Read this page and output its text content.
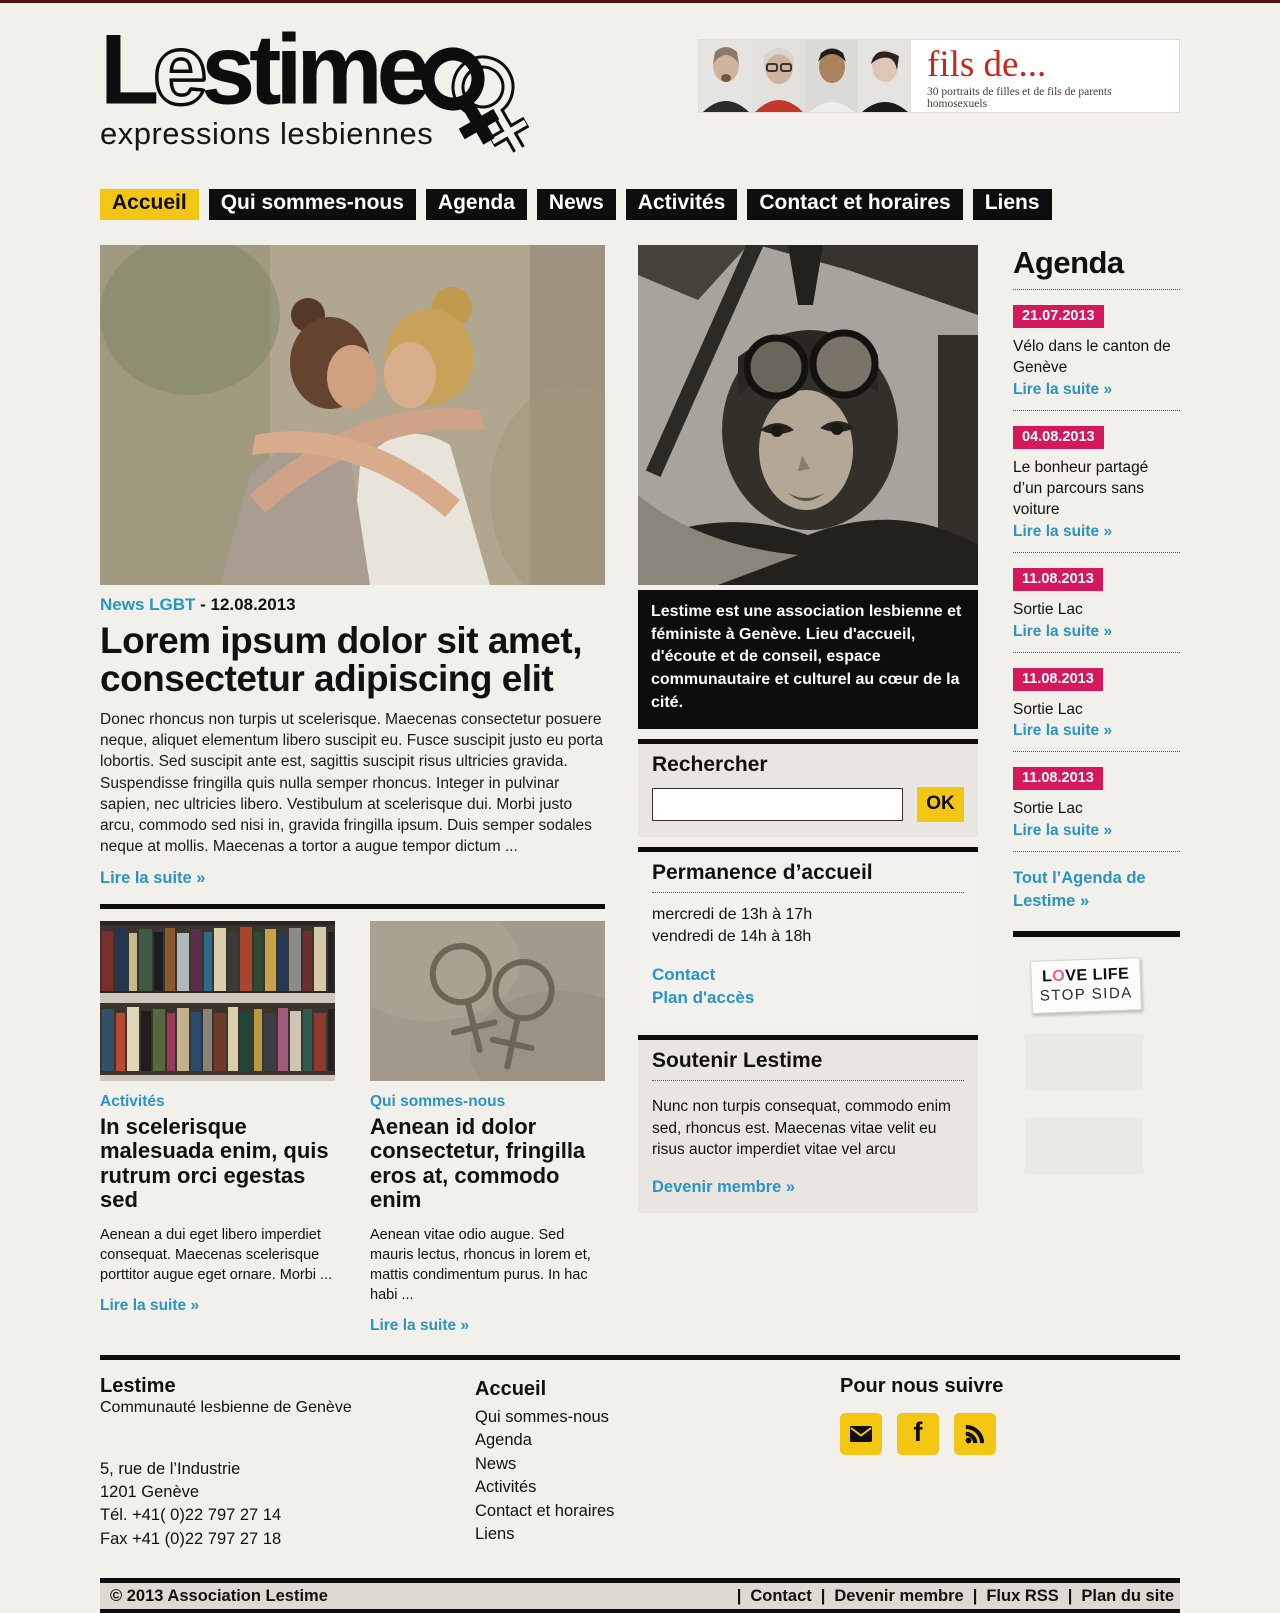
Lestime
expressions lesbiennes
fils de...
30 portraits de filles et de fils de parents homosexuels
Accueil	Qui sommes-nous	Agenda	News	Activités	Contact et horaires	Liens
News LGBT - 12.08.2013
Lorem ipsum dolor sit amet, consectetur adipiscing elit
Donec rhoncus non turpis ut scelerisque. Maecenas consectetur posuere neque, aliquet elementum libero suscipit eu. Fusce suscipit justo eu porta lobortis. Sed suscipit ante est, sagittis suscipit risus ultricies gravida. Suspendisse fringilla quis nulla semper rhoncus. Integer in pulvinar sapien, nec ultricies libero. Vestibulum at scelerisque dui. Morbi justo arcu, commodo sed nisi in, gravida fringilla ipsum. Duis semper sodales neque at mollis. Maecenas a tortor a augue tempor dictum ...
Lire la suite »
Activités
In scelerisque malesuada enim, quis rutrum orci egestas sed
Aenean a dui eget libero imperdiet consequat. Maecenas scelerisque porttitor augue eget ornare. Morbi ...
Lire la suite »
Qui sommes-nous
Aenean id dolor consectetur, fringilla eros at, commodo enim
Aenean vitae odio augue. Sed mauris lectus, rhoncus in lorem et, mattis condimentum purus. In hac habi ...
Lire la suite »
Lestime est une association lesbienne et féministe à Genève. Lieu d'accueil, d'écoute et de conseil, espace communautaire et culturel au cœur de la cité.
Rechercher
OK
Permanence d’accueil
mercredi de 13h à 17h
vendredi de 14h à 18h
Contact
Plan d'accès
Soutenir Lestime
Nunc non turpis consequat, commodo enim sed, rhoncus est. Maecenas vitae velit eu risus auctor imperdiet vitae vel arcu
Devenir membre »
Agenda
21.07.2013
Vélo dans le canton de Genève
Lire la suite »
04.08.2013
Le bonheur partagé d’un parcours sans voiture
Lire la suite »
11.08.2013
Sortie Lac
Lire la suite »
11.08.2013
Sortie Lac
Lire la suite »
11.08.2013
Sortie Lac
Lire la suite »
Tout l’Agenda de Lestime »
LOVE LIFE
STOP SIDA
Lestime
Communauté lesbienne de Genève
5, rue de l’Industrie
1201 Genève
Tél. +41( 0)22 797 27 14
Fax +41 (0)22 797 27 18
Accueil
Qui sommes-nous
Agenda
News
Activités
Contact et horaires
Liens
Pour nous suivre
f
© 2013 Association Lestime	| Contact | Devenir membre | Flux RSS | Plan du site
